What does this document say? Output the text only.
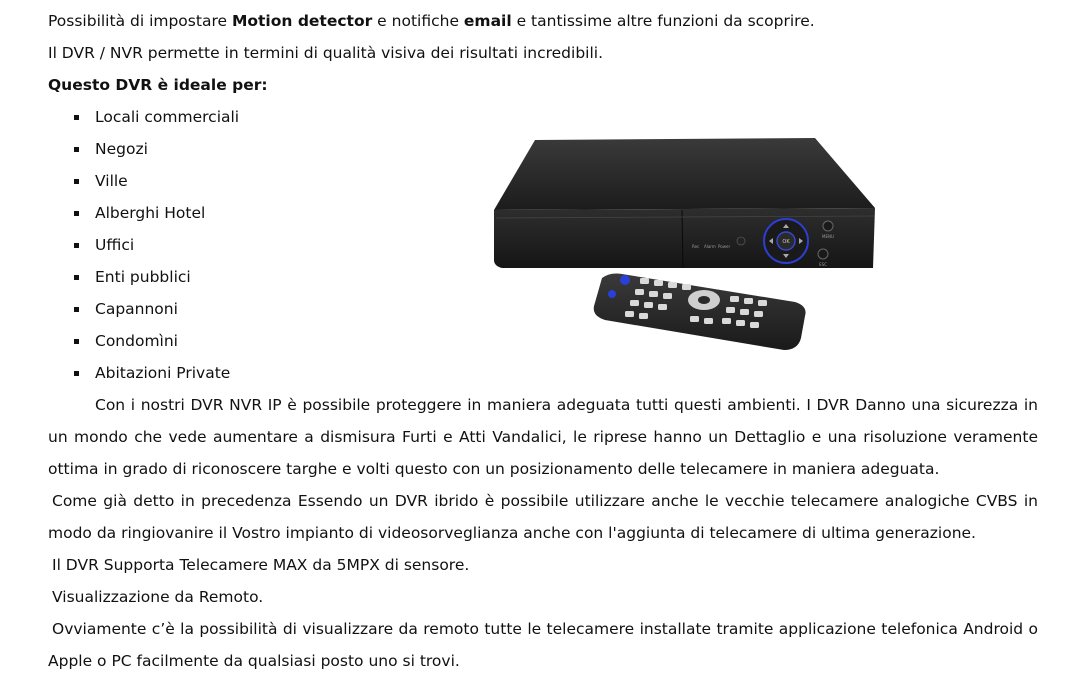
Possibilità di impostare Motion detector e notifiche email e tantissime altre funzioni da scoprire.
Il DVR / NVR permette in termini di qualità visiva dei risultati incredibili.
Questo DVR è ideale per:
Locali commerciali
Negozi
Ville
Alberghi Hotel
Uffici
Enti pubblici
Capannoni
Condomìni
Abitazioni Private
Con i nostri DVR NVR IP è possibile proteggere in maniera adeguata tutti questi ambienti. I DVR Danno una sicurezza in un mondo che vede aumentare a dismisura Furti e Atti Vandalici, le riprese hanno un Dettaglio e una risoluzione veramente ottima in grado di riconoscere targhe e volti questo con un posizionamento delle telecamere in maniera adeguata.
Come già detto in precedenza Essendo un DVR ibrido è possibile utilizzare anche le vecchie telecamere analogiche CVBS in modo da ringiovanire il Vostro impianto di videosorveglianza anche con l'aggiunta di telecamere di ultima generazione.
Il DVR Supporta Telecamere MAX da 5MPX di sensore.
Visualizzazione da Remoto.
Ovviamente c’è la possibilità di visualizzare da remoto tutte le telecamere installate tramite applicazione telefonica Android o Apple o PC facilmente da qualsiasi posto uno si trovi.
Rec Alarm Power
OK
MENU
ESC
